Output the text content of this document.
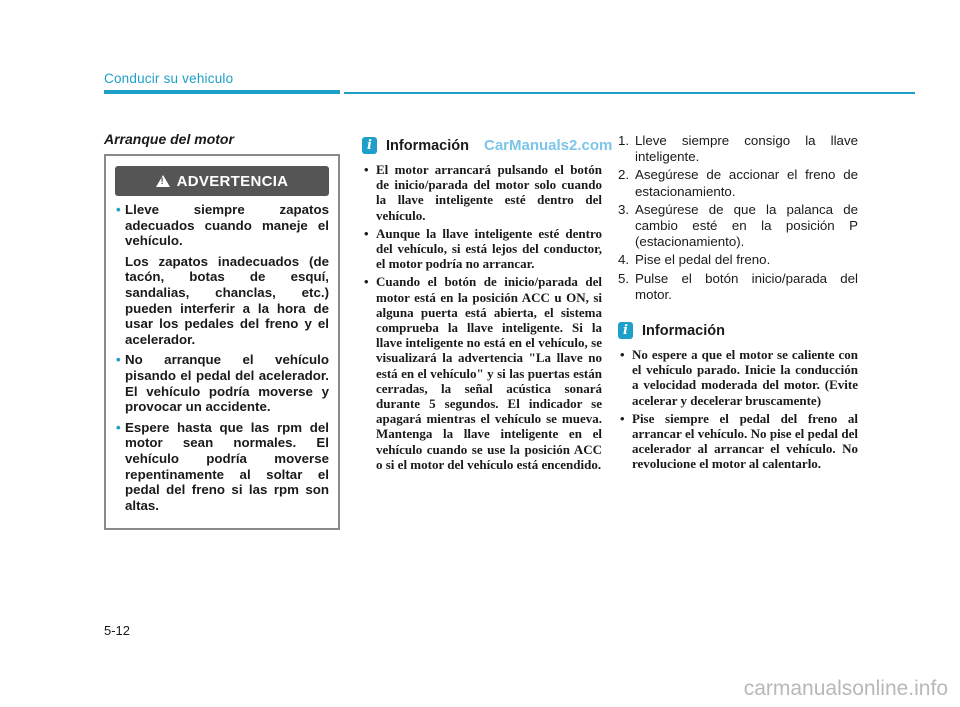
Conducir su vehiculo
Arranque del motor
!
ADVERTENCIA
• Lleve siempre zapatos adecuados cuando maneje el vehículo.
Los zapatos inadecuados (de tacón, botas de esquí, sandalias, chanclas, etc.) pueden interferir a la hora de usar los pedales del freno y el acelerador.
• No arranque el vehículo pisando el pedal del acelerador. El vehículo podría moverse y provocar un accidente.
• Espere hasta que las rpm del motor sean normales. El vehículo podría moverse repentinamente al soltar el pedal del freno si las rpm son altas.
i Información CarManuals2.com
• El motor arrancará pulsando el botón de inicio/parada del motor solo cuando la llave inteligente esté dentro del vehículo.
• Aunque la llave inteligente esté dentro del vehículo, si está lejos del conductor, el motor podría no arrancar.
• Cuando el botón de inicio/parada del motor está en la posición ACC u ON, si alguna puerta está abierta, el sistema comprueba la llave inteligente. Si la llave inteligente no está en el vehículo, se visualizará la advertencia "La llave no está en el vehículo" y si las puertas están cerradas, la señal acústica sonará durante 5 segundos. El indicador se apagará mientras el vehículo se mueva. Mantenga la llave inteligente en el vehículo cuando se use la posición ACC o si el motor del vehículo está encendido.
1. Lleve siempre consigo la llave inteligente.
2. Asegúrese de accionar el freno de estacionamiento.
3. Asegúrese de que la palanca de cambio esté en la posición P (estacionamiento).
4. Pise el pedal del freno.
5. Pulse el botón inicio/parada del motor.
i Información
• No espere a que el motor se caliente con el vehículo parado. Inicie la conducción a velocidad moderada del motor. (Evite acelerar y decelerar bruscamente)
• Pise siempre el pedal del freno al arrancar el vehículo. No pise el pedal del acelerador al arrancar el vehículo. No revolucione el motor al calentarlo.
5-12
carmanualsonline.info
